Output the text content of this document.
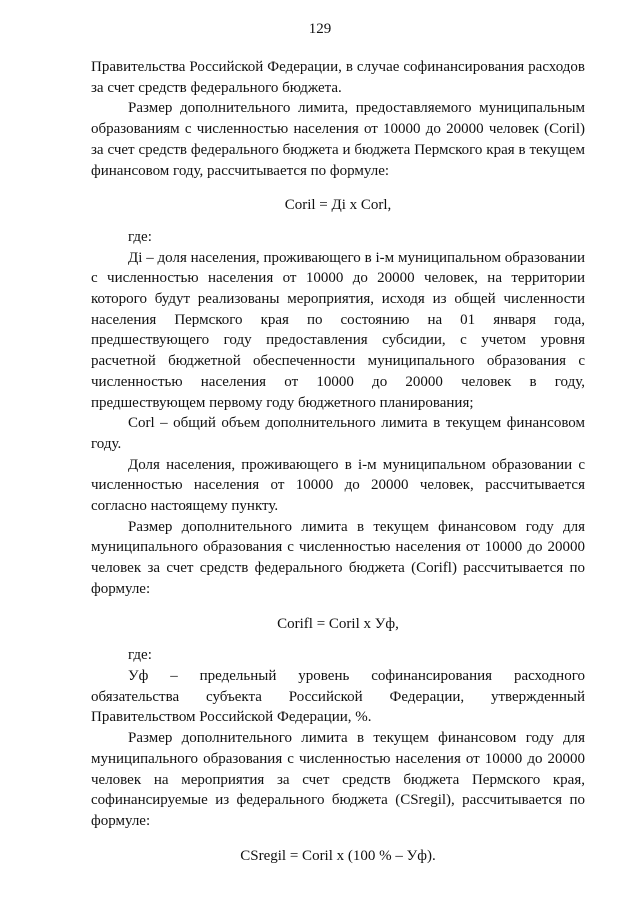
129

Правительства Российской Федерации, в случае софинансирования расходов за счет средств федерального бюджета.

Размер дополнительного лимита, предоставляемого муниципальным образованиям с численностью населения от 10000 до 20000 человек (Coril) за счет средств федерального бюджета и бюджета Пермского края в текущем финансовом году, рассчитывается по формуле:

Coril = Дi х Corl,

где:

Дi – доля населения, проживающего в i-м муниципальном образовании с численностью населения от 10000 до 20000 человек, на территории которого будут реализованы мероприятия, исходя из общей численности населения Пермского края по состоянию на 01 января года, предшествующего году предоставления субсидии, с учетом уровня расчетной бюджетной обеспеченности муниципального образования с численностью населения от 10000 до 20000 человек в году, предшествующем первому году бюджетного планирования;

Corl – общий объем дополнительного лимита в текущем финансовом году.

Доля населения, проживающего в i-м муниципальном образовании с численностью населения от 10000 до 20000 человек, рассчитывается согласно настоящему пункту.

Размер дополнительного лимита в текущем финансовом году для муниципального образования с численностью населения от 10000 до 20000 человек за счет средств федерального бюджета (Corifl) рассчитывается по формуле:

Corifl = Coril х Уф,

где:

Уф – предельный уровень софинансирования расходного обязательства субъекта Российской Федерации, утвержденный Правительством Российской Федерации, %.

Размер дополнительного лимита в текущем финансовом году для муниципального образования с численностью населения от 10000 до 20000 человек на мероприятия за счет средств бюджета Пермского края, софинансируемые из федерального бюджета (CSregil), рассчитывается по формуле:

CSregil = Coril х (100 % – Уф).
